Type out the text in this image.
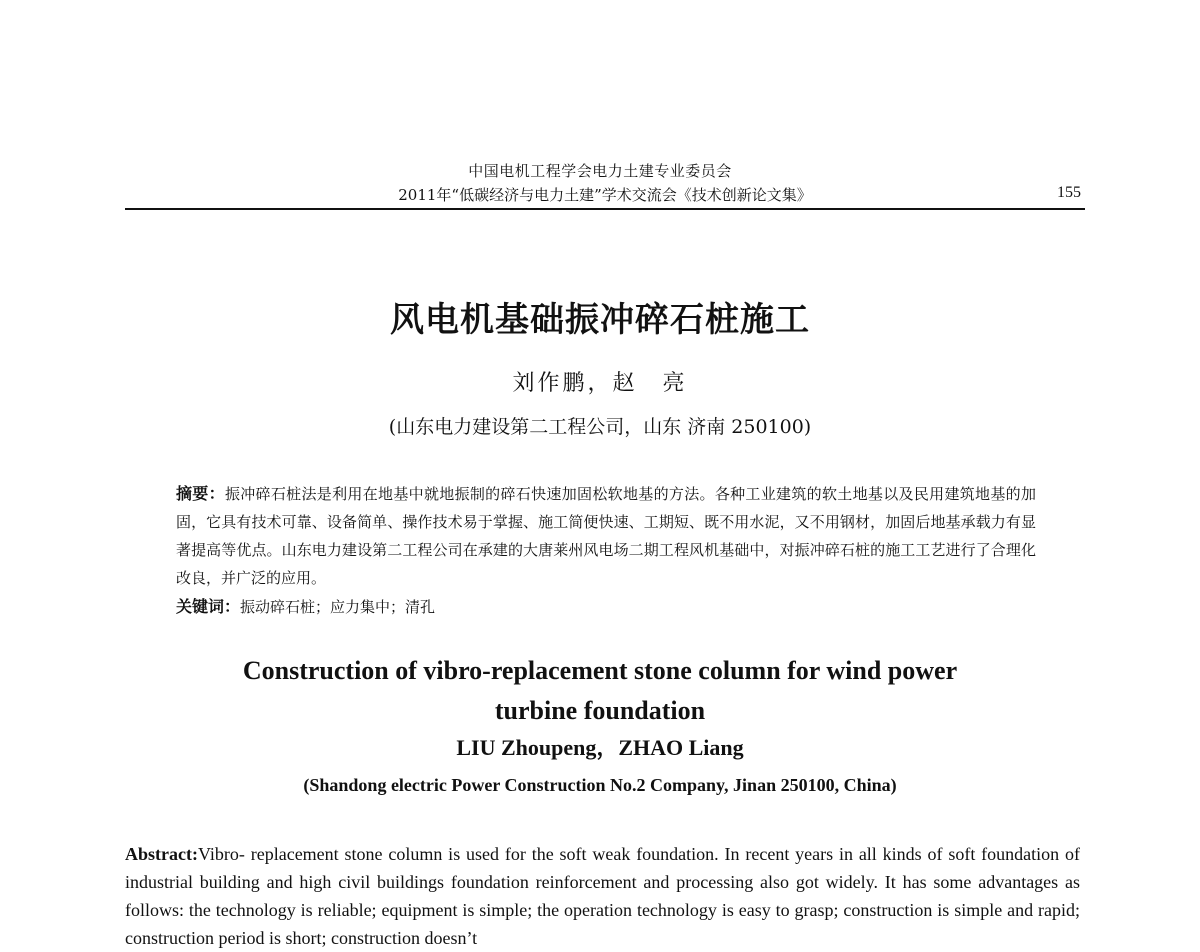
中国电机工程学会电力土建专业委员会
2011年“低碳经济与电力土建”学术交流会《技术创新论文集》	155
风电机基础振冲碎石桩施工
刘作鹏，赵　亮
(山东电力建设第二工程公司，山东 济南 250100)
摘要：振冲碎石桩法是利用在地基中就地振制的碎石快速加固松软地基的方法。各种工业建筑的软土地基以及民用建筑地基的加固，它具有技术可靠、设备简单、操作技术易于掌握、施工简便快速、工期短、既不用水泥，又不用钢材，加固后地基承载力有显著提高等优点。山东电力建设第二工程公司在承建的大唐莱州风电场二期工程风机基础中，对振冲碎石桩的施工工艺进行了合理化改良，并广泛的应用。
关键词：振动碎石桩；应力集中；清孔
Construction of vibro-replacement stone column for wind power
turbine foundation
LIU Zhoupeng，ZHAO Liang
(Shandong electric Power Construction No.2 Company, Jinan 250100, China)
Abstract:Vibro- replacement stone column is used for the soft weak foundation. In recent years in all kinds of soft foundation of industrial building and high civil buildings foundation reinforcement and processing also got widely. It has some advantages as follows: the technology is reliable; equipment is simple; the operation technology is easy to grasp; construction is simple and rapid; construction period is short; construction doesn’t
